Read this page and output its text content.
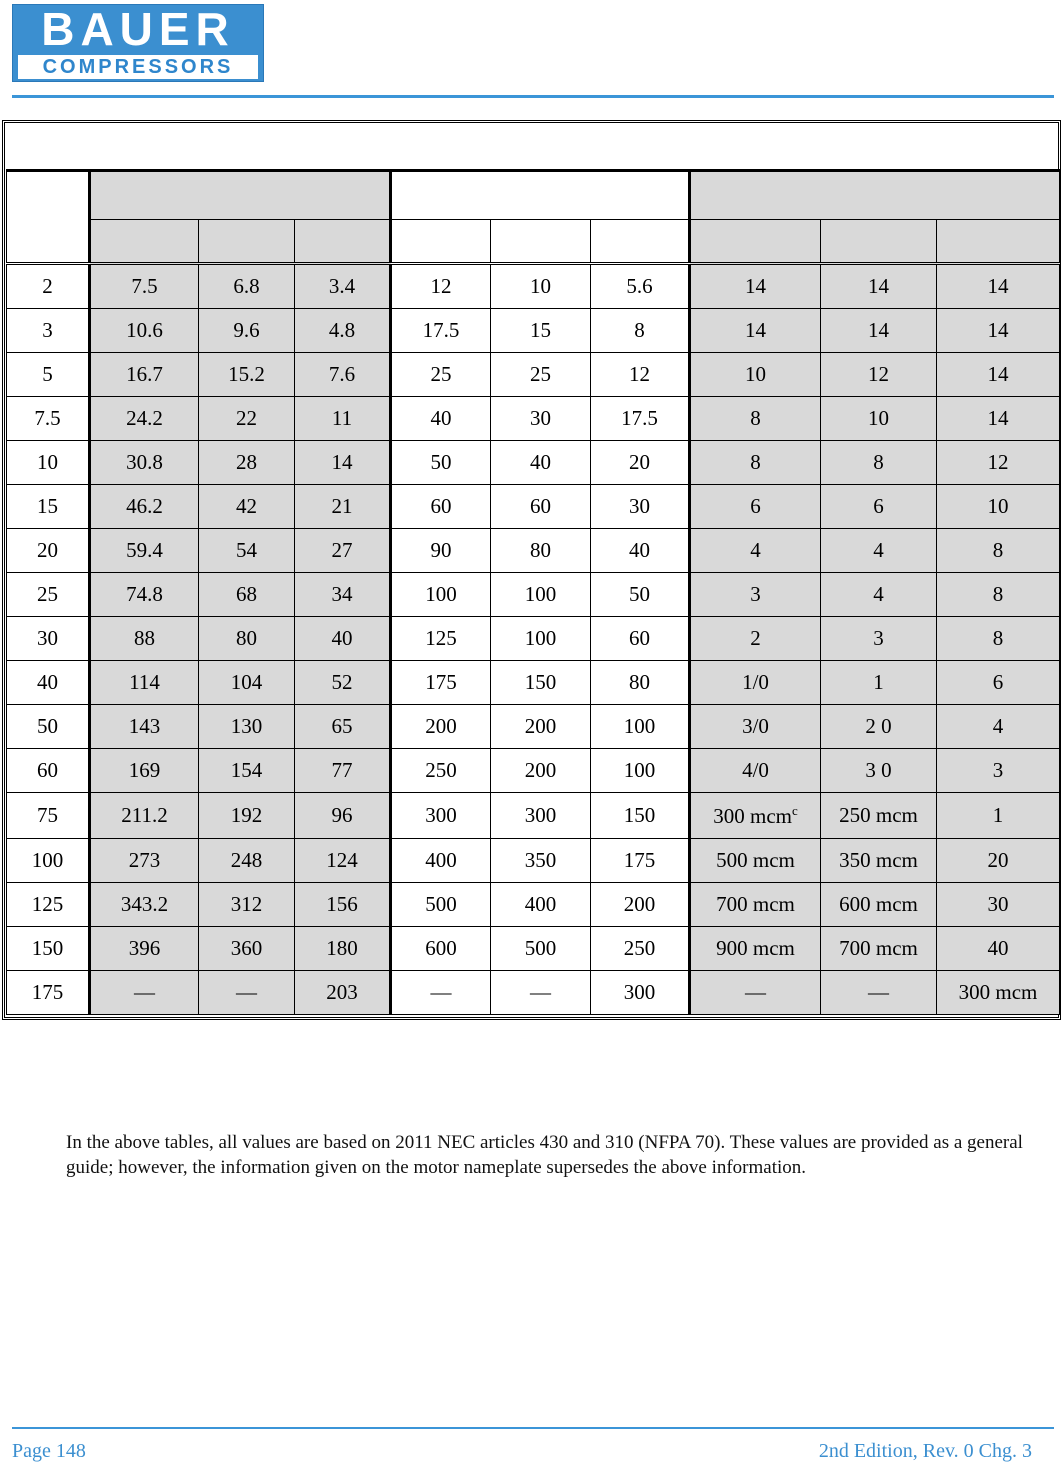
BAUER
COMPRESSORS

2	7.5	6.8	3.4	12	10	5.6	14	14	14
3	10.6	9.6	4.8	17.5	15	8	14	14	14
5	16.7	15.2	7.6	25	25	12	10	12	14
7.5	24.2	22	11	40	30	17.5	8	10	14
10	30.8	28	14	50	40	20	8	8	12
15	46.2	42	21	60	60	30	6	6	10
20	59.4	54	27	90	80	40	4	4	8
25	74.8	68	34	100	100	50	3	4	8
30	88	80	40	125	100	60	2	3	8
40	114	104	52	175	150	80	1/0	1	6
50	143	130	65	200	200	100	3/0	2 0	4
60	169	154	77	250	200	100	4/0	3 0	3
75	211.2	192	96	300	300	150	300 mcm$^c$	250 mcm	1
100	273	248	124	400	350	175	500 mcm	350 mcm	20
125	343.2	312	156	500	400	200	700 mcm	600 mcm	30
150	396	360	180	600	500	250	900 mcm	700 mcm	40
175	—	—	203	—	—	300	—	—	300 mcm
In the above tables, all values are based on 2011 NEC articles 430 and 310 (NFPA 70). These values are provided as a general guide; however, the information given on the motor nameplate supersedes the above information.
Page 148	2nd Edition, Rev. 0 Chg. 3
